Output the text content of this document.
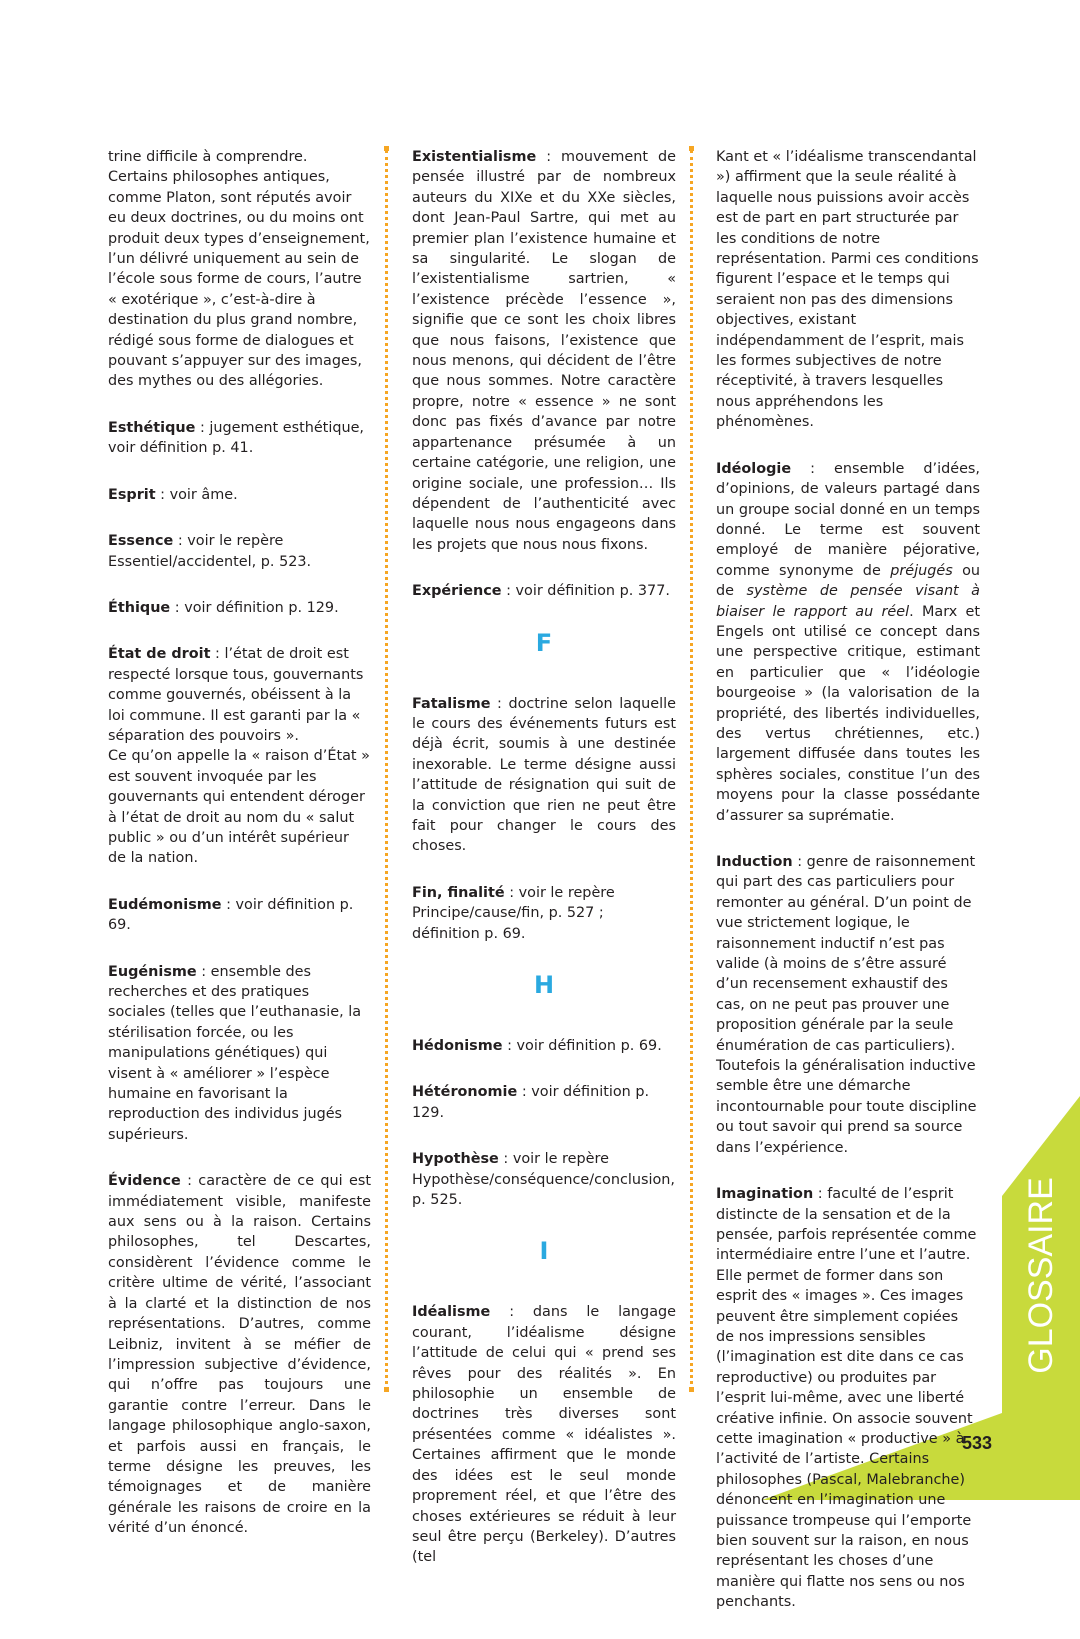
GLOSSAIRE

trine difficile à comprendre. Certains philosophes antiques, comme Platon, sont réputés avoir eu deux doctrines, ou du moins ont produit deux types d’enseignement, l’un délivré uniquement au sein de l’école sous forme de cours, l’autre « exotérique », c’est-à-dire à destination du plus grand nombre, rédigé sous forme de dialogues et pouvant s’appuyer sur des images, des mythes ou des allégories.

Esthétique : jugement esthétique, voir définition p. 41.

Esprit : voir âme.

Essence : voir le repère Essentiel/accidentel, p. 523.

Éthique : voir définition p. 129.

État de droit : l’état de droit est respecté lorsque tous, gouvernants comme gouvernés, obéissent à la loi commune. Il est garanti par la « séparation des pouvoirs ».

Ce qu’on appelle la « raison d’État » est souvent invoquée par les gouvernants qui entendent déroger à l’état de droit au nom du « salut public » ou d’un intérêt supérieur de la nation.

Eudémonisme : voir définition p. 69.

Eugénisme : ensemble des recherches et des pratiques sociales (telles que l’euthanasie, la stérilisation forcée, ou les manipulations génétiques) qui visent à « améliorer » l’espèce humaine en favorisant la reproduction des individus jugés supérieurs.

Évidence : caractère de ce qui est immédiatement visible, manifeste aux sens ou à la raison. Certains philosophes, tel Descartes, considèrent l’évidence comme le critère ultime de vérité, l’associant à la clarté et la distinction de nos représentations. D’autres, comme Leibniz, invitent à se méfier de l’impression subjective d’évidence, qui n’offre pas toujours une garantie contre l’erreur. Dans le langage philosophique anglo-saxon, et parfois aussi en français, le terme désigne les preuves, les témoignages et de manière générale les raisons de croire en la vérité d’un énoncé.

Existentialisme : mouvement de pensée illustré par de nombreux auteurs du XIXe et du XXe siècles, dont Jean-Paul Sartre, qui met au premier plan l’existence humaine et sa singularité. Le slogan de l’existentialisme sartrien, « l’existence précède l’essence », signifie que ce sont les choix libres que nous faisons, l’existence que nous menons, qui décident de l’être que nous sommes. Notre caractère propre, notre « essence » ne sont donc pas fixés d’avance par notre appartenance présumée à un certaine catégorie, une religion, une origine sociale, une profession… Ils dépendent de l’authenticité avec laquelle nous nous engageons dans les projets que nous nous fixons.

Expérience : voir définition p. 377.

F

Fatalisme : doctrine selon laquelle le cours des événements futurs est déjà écrit, soumis à une destinée inexorable. Le terme désigne aussi l’attitude de résignation qui suit de la conviction que rien ne peut être fait pour changer le cours des choses.

Fin, finalité : voir le repère Principe/cause/fin, p. 527 ; définition p. 69.

H

Hédonisme : voir définition p. 69.

Hétéronomie : voir définition p. 129.

Hypothèse : voir le repère Hypothèse/conséquence/conclusion, p. 525.

I

Idéalisme : dans le langage courant, l’idéalisme désigne l’attitude de celui qui « prend ses rêves pour des réalités ». En philosophie un ensemble de doctrines très diverses sont présentées comme « idéalistes ». Certaines affirment que le monde des idées est le seul monde proprement réel, et que l’être des choses extérieures se réduit à leur seul être perçu (Berkeley). D’autres (tel

Kant et « l’idéalisme transcendantal ») affirment que la seule réalité à laquelle nous puissions avoir accès est de part en part structurée par les conditions de notre représentation. Parmi ces conditions figurent l’espace et le temps qui seraient non pas des dimensions objectives, existant indépendamment de l’esprit, mais les formes subjectives de notre réceptivité, à travers lesquelles nous appréhendons les phénomènes.

Idéologie : ensemble d’idées, d’opinions, de valeurs partagé dans un groupe social donné en un temps donné. Le terme est souvent employé de manière péjorative, comme synonyme de préjugés ou de système de pensée visant à biaiser le rapport au réel. Marx et Engels ont utilisé ce concept dans une perspective critique, estimant en particulier que « l’idéologie bourgeoise » (la valorisation de la propriété, des libertés individuelles, des vertus chrétiennes, etc.) largement diffusée dans toutes les sphères sociales, constitue l’un des moyens pour la classe possédante d’assurer sa suprématie.

Induction : genre de raisonnement qui part des cas particuliers pour remonter au général. D’un point de vue strictement logique, le raisonnement inductif n’est pas valide (à moins de s’être assuré d’un recensement exhaustif des cas, on ne peut pas prouver une proposition générale par la seule énumération de cas particuliers). Toutefois la généralisation inductive semble être une démarche incontournable pour toute discipline ou tout savoir qui prend sa source dans l’expérience.

Imagination : faculté de l’esprit distincte de la sensation et de la pensée, parfois représentée comme intermédiaire entre l’une et l’autre. Elle permet de former dans son esprit des « images ». Ces images peuvent être simplement copiées de nos impressions sensibles (l’imagination est dite dans ce cas reproductive) ou produites par l’esprit lui-même, avec une liberté créative infinie. On associe souvent cette imagination « productive » à l’activité de l’artiste. Certains philosophes (Pascal, Malebranche) dénoncent en l’imagination une puissance trompeuse qui l’emporte bien souvent sur la raison, en nous représentant les choses d’une manière qui flatte nos sens ou nos penchants.

533
